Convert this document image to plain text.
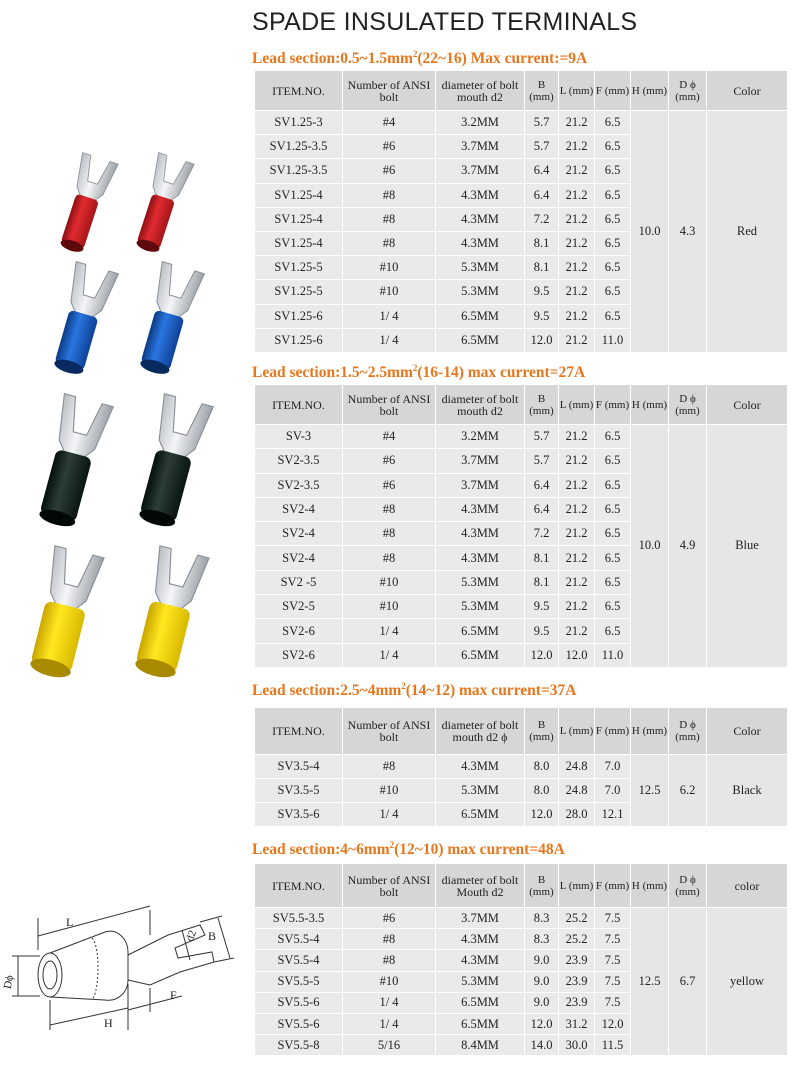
SPADE INSULATED TERMINALS
Lead $section:0.5\sim 1.5mm^2(22\sim 16)$ Max current:=9A
ITEM.NO.	Number of ANSI bolt	diameter of bolt mouth d2	B (mm)	L (mm)	F (mm)	H (mm)	D ϕ (mm)	Color
SV1.25-3	#4	3.2MM	5.7	21.2	6.5	10.0	4.3	Red
SV1.25-3.5	#6	3.7MM	5.7	21.2	6.5			
SV1.25-3.5	#6	3.7MM	6.4	21.2	6.5			
SV1.25-4	#8	4.3MM	6.4	21.2	6.5			
SV1.25-4	#8	4.3MM	7.2	21.2	6.5			
SV1.25-4	#8	4.3MM	8.1	21.2	6.5			
SV1.25-5	#10	5.3MM	8.1	21.2	6.5			
SV1.25-5	#10	5.3MM	9.5	21.2	6.5			
SV1.25-6	1/ 4	6.5MM	9.5	21.2	6.5			
SV1.25-6	1/ 4	6.5MM	12.0	21.2	11.0			
Lead $section:1.5\sim 2.5mm^2(16-14)$ max current=27A
ITEM.NO.	Number of ANSI bolt	diameter of bolt mouth d2	B (mm)	L (mm)	F (mm)	H (mm)	D ϕ (mm)	Color
SV-3	#4	3.2MM	5.7	21.2	6.5	10.0	4.9	Blue
SV2-3.5	#6	3.7MM	5.7	21.2	6.5			
SV2-3.5	#6	3.7MM	6.4	21.2	6.5			
SV2-4	#8	4.3MM	6.4	21.2	6.5			
SV2-4	#8	4.3MM	7.2	21.2	6.5			
SV2-4	#8	4.3MM	8.1	21.2	6.5			
SV2 -5	#10	5.3MM	8.1	21.2	6.5			
SV2-5	#10	5.3MM	9.5	21.2	6.5			
SV2-6	1/ 4	6.5MM	9.5	21.2	6.5			
SV2-6	1/ 4	6.5MM	12.0	12.0	11.0			
Lead $section:2.5\sim 4mm^2(14\sim 12)$ max current=37A
ITEM.NO.	Number of ANSI bolt	diameter of bolt mouth d2 ϕ	B (mm)	L (mm)	F (mm)	H (mm)	D ϕ (mm)	Color
SV3.5-4	#8	4.3MM	8.0	24.8	7.0	12.5	6.2	Black
SV3.5-5	#10	5.3MM	8.0	24.8	7.0			
SV3.5-6	1/ 4	6.5MM	12.0	28.0	12.1			
Lead $section:4\sim 6mm^2(12\sim 10)$ max current=48A
ITEM.NO.	Number of ANSI bolt	diameter of bolt Mouth d2	B (mm)	L (mm)	F (mm)	H (mm)	D ϕ (mm)	color
SV5.5-3.5	#6	3.7MM	8.3	25.2	7.5	12.5	6.7	yellow
SV5.5-4	#8	4.3MM	8.3	25.2	7.5			
SV5.5-4	#8	4.3MM	9.0	23.9	7.5			
SV5.5-5	#10	5.3MM	9.0	23.9	7.5			
SV5.5-6	1/ 4	6.5MM	9.0	23.9	7.5			
SV5.5-6	1/ 4	6.5MM	12.0	31.2	12.0			
SV5.5-8	5/16	8.4MM	14.0	30.0	11.5			
L
B
d2
Dϕ
H
F
